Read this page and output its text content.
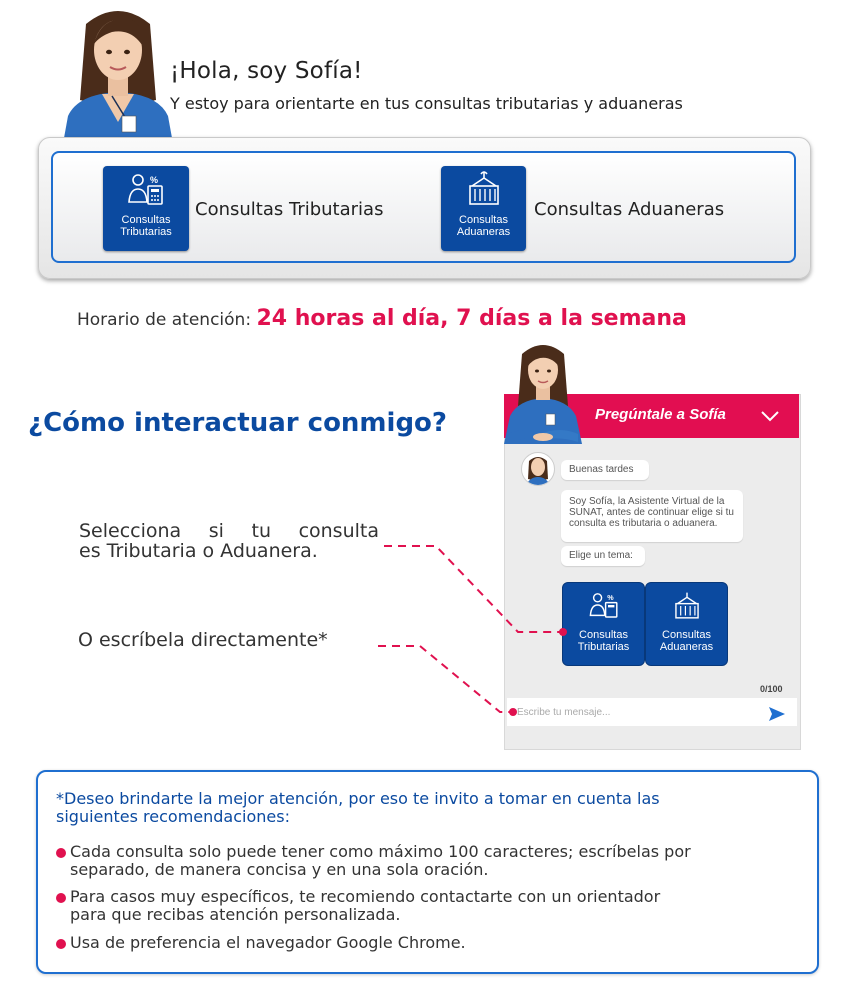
¡Hola, soy Sofía!
Y estoy para orientarte en tus consultas tributarias y aduaneras
%
Consultas
Tributarias
Consultas Tributarias	Consultas
Aduaneras
Consultas Aduaneras
Horario de atención: 24 horas al día, 7 días a la semana
¿Cómo interactuar conmigo?
Selecciona si tu consulta
es Tributaria o Aduanera.
O escríbela directamente*
Pregúntale a Sofía
Buenas tardes
Soy Sofía, la Asistente Virtual de la
SUNAT, antes de continuar elige si tu
consulta es tributaria o aduanera.
Elige un tema:
%
Consultas
Tributarias
Consultas
Aduaneras
0/100
Escribe tu mensaje...
*Deseo brindarte la mejor atención, por eso te invito a tomar en cuenta las
siguientes recomendaciones:
Cada consulta solo puede tener como máximo 100 caracteres; escríbelas por
separado, de manera concisa y en una sola oración.
Para casos muy específicos, te recomiendo contactarte con un orientador
para que recibas atención personalizada.
Usa de preferencia el navegador Google Chrome.
